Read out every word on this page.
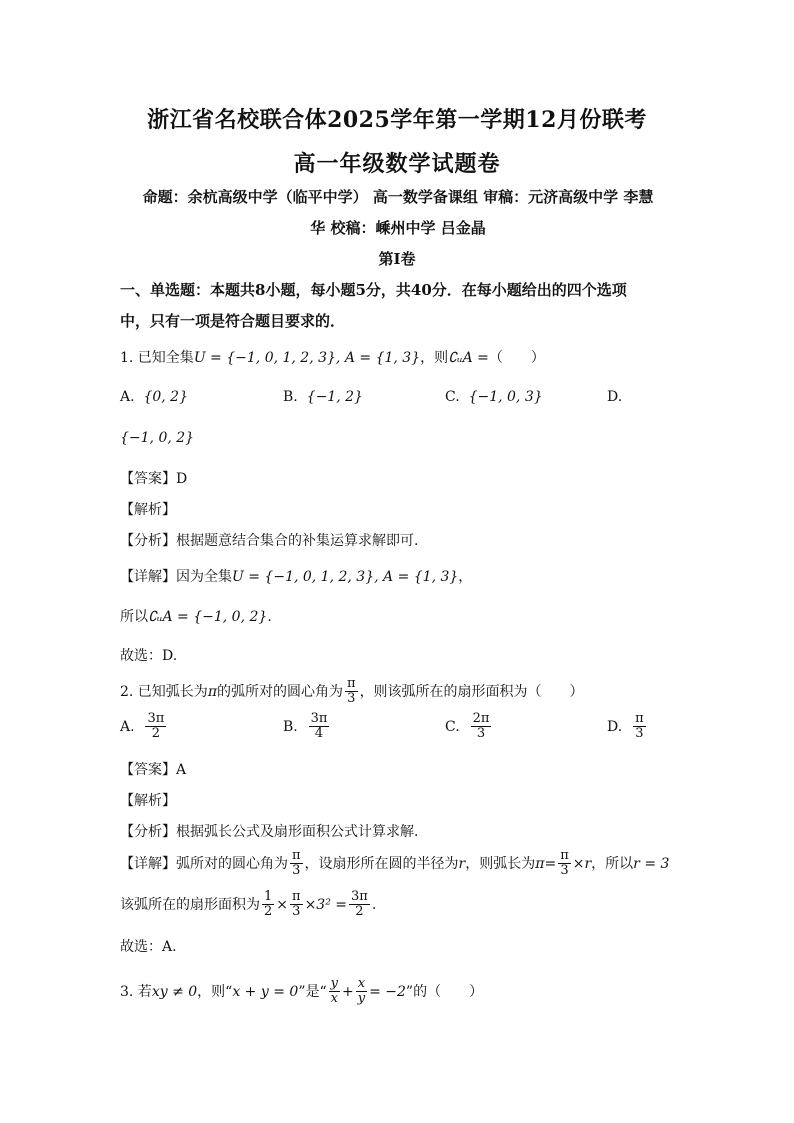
浙江省名校联合体2025学年第一学期12月份联考
高一年级数学试题卷
命题：余杭高级中学（临平中学） 高一数学备课组 审稿：元济高级中学 李慧
华 校稿：嵊州中学 吕金晶
第Ⅰ卷
一、单选题：本题共8小题，每小题5分，共40分．在每小题给出的四个选项
中，只有一项是符合题目要求的．
1. 已知全集U = {−1, 0, 1, 2, 3}, A = {1, 3}，则∁ᵤA =（　　）
A. {0, 2}	B. {−1, 2}	C. {−1, 0, 3}	D.
{−1, 0, 2}
【答案】D
【解析】
【分析】根据题意结合集合的补集运算求解即可.
【详解】因为全集U = {−1, 0, 1, 2, 3}, A = {1, 3}，
所以∁ᵤA = {−1, 0, 2}.
故选：D.
2. 已知弧长为π的弧所对的圆心角为 $\frac{\pi}{3}$ ，则该弧所在的扇形面积为（　　）
A. $\frac{3\pi}{2}$	B. $\frac{3\pi}{4}$	C. $\frac{2\pi}{3}$	D. $\frac{\pi}{3}$
【答案】A
【解析】
【分析】根据弧长公式及扇形面积公式计算求解.
【详解】弧所对的圆心角为 $\frac{\pi}{3}$ ，设扇形所在圆的半径为r，则弧长为$\pi= \frac{\pi}{3} \times r$，所以r = 3
该弧所在的扇形面积为 $\frac{1}{2} \times \frac{\pi}{3} \times 3^2 = \frac{3\pi}{2}$ .
故选：A.
3. 若xy ≠ 0，则“x + y = 0”是“ $\frac{y}{x} + \frac{x}{y} = -2$”的（　　）
